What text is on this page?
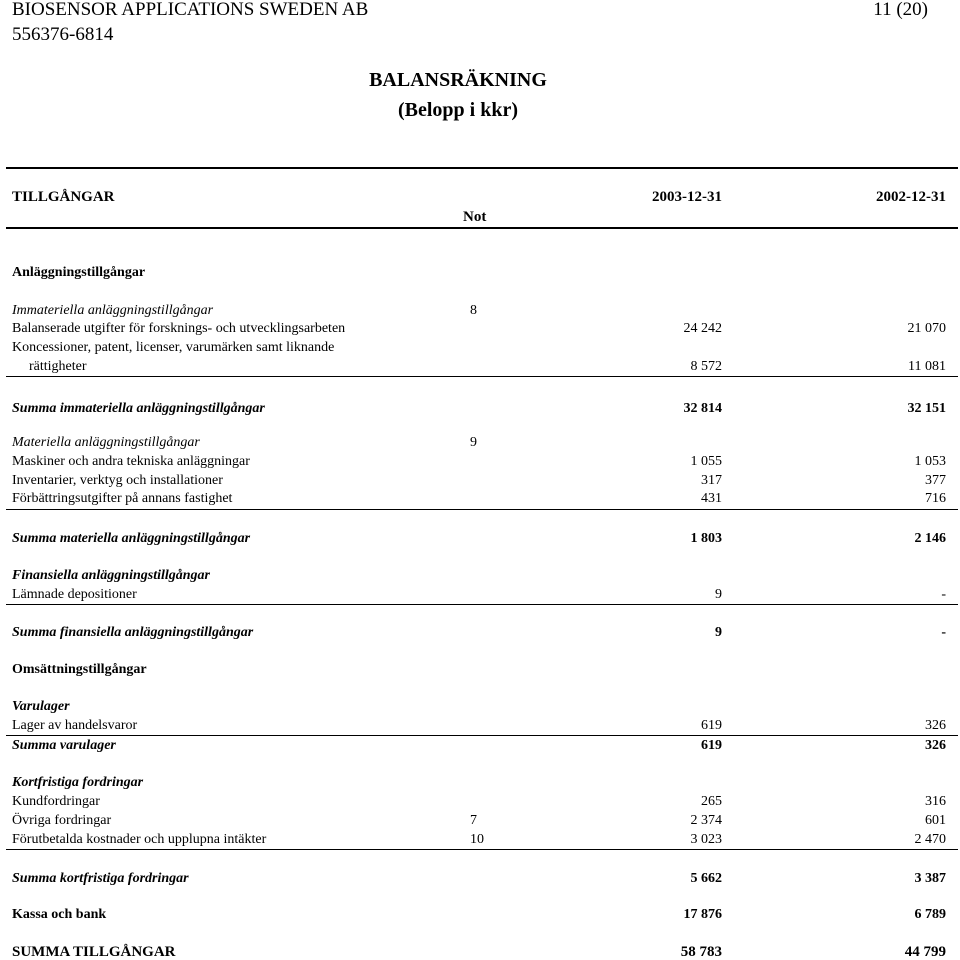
BIOSENSOR APPLICATIONS SWEDEN AB
556376-6814
11 (20)
BALANSRÄKNING
(Belopp i kkr)
TILLGÅNGAR	2003-12-31	2002-12-31
Not
Anläggningstillgångar
Immateriella anläggningstillgångar	8
Balanserade utgifter för forsknings- och utvecklingsarbeten	24 242	21 070
Koncessioner, patent, licenser, varumärken samt liknande
rättigheter	8 572	11 081
Summa immateriella anläggningstillgångar	32 814	32 151
Materiella anläggningstillgångar	9
Maskiner och andra tekniska anläggningar	1 055	1 053
Inventarier, verktyg och installationer	317	377
Förbättringsutgifter på annans fastighet	431	716
Summa materiella anläggningstillgångar	1 803	2 146
Finansiella anläggningstillgångar
Lämnade depositioner	9	-
Summa finansiella anläggningstillgångar	9	-
Omsättningstillgångar
Varulager
Lager av handelsvaror	619	326
Summa varulager	619	326
Kortfristiga fordringar
Kundfordringar	265	316
Övriga fordringar	7	2 374	601
Förutbetalda kostnader och upplupna intäkter	10	3 023	2 470
Summa kortfristiga fordringar	5 662	3 387
Kassa och bank	17 876	6 789
SUMMA TILLGÅNGAR	58 783	44 799
